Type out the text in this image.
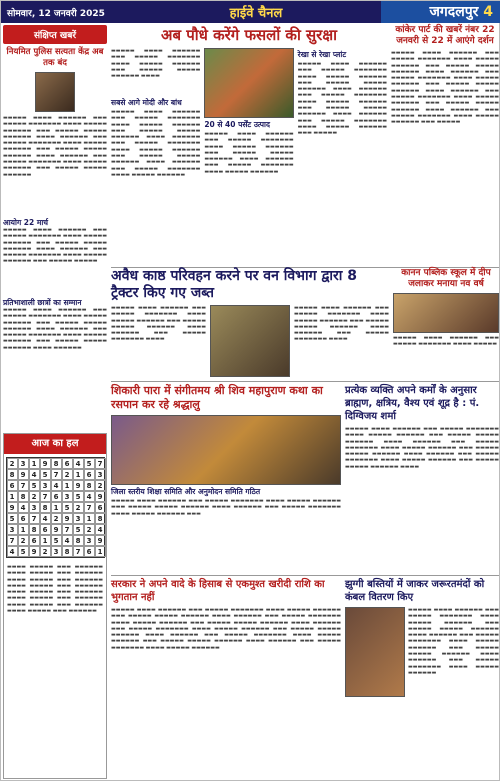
सोमवार, 12 जनवरी 2025	हाईवे चैनल	जगदलपुर 4
संक्षिप्त खबरें
नियमित पुलिस सत्यता केंद्र अब तक बंद
▬▬▬▬▬ ▬▬▬▬ ▬▬▬▬▬▬ ▬▬▬ ▬▬▬▬▬ ▬▬▬▬▬▬▬ ▬▬▬▬ ▬▬▬▬▬ ▬▬▬▬▬▬ ▬▬▬ ▬▬▬▬▬ ▬▬▬▬▬ ▬▬▬▬▬▬ ▬▬▬▬ ▬▬▬▬▬▬ ▬▬▬ ▬▬▬▬▬ ▬▬▬▬▬▬▬ ▬▬▬▬ ▬▬▬▬▬ ▬▬▬▬▬▬ ▬▬▬ ▬▬▬▬▬ ▬▬▬▬▬ ▬▬▬▬▬▬ ▬▬▬▬ ▬▬▬▬▬▬ ▬▬▬ ▬▬▬▬▬ ▬▬▬▬▬▬▬ ▬▬▬▬ ▬▬▬▬▬ ▬▬▬▬▬▬ ▬▬▬ ▬▬▬▬▬ ▬▬▬▬▬ ▬▬▬▬▬▬
आयोग 22 मार्च
▬▬▬▬▬ ▬▬▬▬ ▬▬▬▬▬▬ ▬▬▬ ▬▬▬▬▬ ▬▬▬▬▬▬▬ ▬▬▬▬ ▬▬▬▬▬ ▬▬▬▬▬▬ ▬▬▬ ▬▬▬▬▬ ▬▬▬▬▬ ▬▬▬▬▬▬ ▬▬▬▬ ▬▬▬▬▬▬ ▬▬▬ ▬▬▬▬▬ ▬▬▬▬▬▬▬ ▬▬▬▬ ▬▬▬▬▬ ▬▬▬▬▬▬ ▬▬▬ ▬▬▬▬▬ ▬▬▬▬▬
प्रतिभाशाली छात्रों का सम्मान
▬▬▬▬▬ ▬▬▬▬ ▬▬▬▬▬▬ ▬▬▬ ▬▬▬▬▬ ▬▬▬▬▬▬▬ ▬▬▬▬ ▬▬▬▬▬ ▬▬▬▬▬▬ ▬▬▬ ▬▬▬▬▬ ▬▬▬▬▬ ▬▬▬▬▬▬ ▬▬▬▬ ▬▬▬▬▬▬ ▬▬▬ ▬▬▬▬▬ ▬▬▬▬▬▬▬ ▬▬▬▬ ▬▬▬▬▬ ▬▬▬▬▬▬ ▬▬▬ ▬▬▬▬▬ ▬▬▬▬▬ ▬▬▬▬▬▬ ▬▬▬▬ ▬▬▬▬▬▬
आज का हल
2 3 1 9 8 6 4 5 7
8 9 4 5 7 2 1 6 3
6 7 5 3 4 1 9 8 2
1 8 2 7 6 3 5 4 9
9 4 3 8 1 5 2 7 6
5 6 7 4 2 9 3 1 8
3 1 8 6 9 7 5 2 4
7 2 6 1 5 4 8 3 9
4 5 9 2 3 8 7 6 1
▬▬▬▬ ▬▬▬▬▬ ▬▬▬ ▬▬▬▬▬▬ ▬▬▬▬ ▬▬▬▬▬ ▬▬▬ ▬▬▬▬▬▬ ▬▬▬▬ ▬▬▬▬▬ ▬▬▬ ▬▬▬▬▬▬ ▬▬▬▬ ▬▬▬▬▬ ▬▬▬ ▬▬▬▬▬▬ ▬▬▬▬ ▬▬▬▬▬ ▬▬▬ ▬▬▬▬▬▬ ▬▬▬▬ ▬▬▬▬▬ ▬▬▬ ▬▬▬▬▬▬ ▬▬▬▬ ▬▬▬▬▬ ▬▬▬ ▬▬▬▬▬▬ ▬▬▬▬ ▬▬▬▬▬ ▬▬▬ ▬▬▬▬▬▬
अब पौधे करेंगे फसलों की सुरक्षा
▬▬▬▬▬ ▬▬▬▬ ▬▬▬▬▬▬ ▬▬▬ ▬▬▬▬▬ ▬▬▬▬▬▬▬ ▬▬▬▬ ▬▬▬▬▬ ▬▬▬▬▬▬ ▬▬▬ ▬▬▬▬▬ ▬▬▬▬▬ ▬▬▬▬▬▬ ▬▬▬▬
सबसे आगे मोदी और बांध
▬▬▬▬▬ ▬▬▬▬ ▬▬▬▬▬▬ ▬▬▬ ▬▬▬▬▬ ▬▬▬▬▬▬▬ ▬▬▬▬ ▬▬▬▬▬ ▬▬▬▬▬▬ ▬▬▬ ▬▬▬▬▬ ▬▬▬▬▬ ▬▬▬▬▬▬ ▬▬▬▬ ▬▬▬▬▬▬ ▬▬▬ ▬▬▬▬▬ ▬▬▬▬▬▬▬ ▬▬▬▬ ▬▬▬▬▬ ▬▬▬▬▬▬ ▬▬▬ ▬▬▬▬▬ ▬▬▬▬▬ ▬▬▬▬▬▬ ▬▬▬▬ ▬▬▬▬▬▬ ▬▬▬ ▬▬▬▬▬ ▬▬▬▬▬▬▬ ▬▬▬▬ ▬▬▬▬▬ ▬▬▬▬▬▬
20 से 40 पर्सेंट उत्पाद
▬▬▬▬▬ ▬▬▬▬ ▬▬▬▬▬▬ ▬▬▬ ▬▬▬▬▬ ▬▬▬▬▬▬▬ ▬▬▬▬ ▬▬▬▬▬ ▬▬▬▬▬▬ ▬▬▬ ▬▬▬▬▬ ▬▬▬▬▬ ▬▬▬▬▬▬ ▬▬▬▬ ▬▬▬▬▬▬ ▬▬▬ ▬▬▬▬▬ ▬▬▬▬▬▬▬ ▬▬▬▬ ▬▬▬▬▬ ▬▬▬▬▬▬
रेखा से रेखा प्लांट
▬▬▬▬▬ ▬▬▬▬ ▬▬▬▬▬▬ ▬▬▬ ▬▬▬▬▬ ▬▬▬▬▬▬▬ ▬▬▬▬ ▬▬▬▬▬ ▬▬▬▬▬▬ ▬▬▬ ▬▬▬▬▬ ▬▬▬▬▬ ▬▬▬▬▬▬ ▬▬▬▬ ▬▬▬▬▬▬ ▬▬▬ ▬▬▬▬▬ ▬▬▬▬▬▬▬ ▬▬▬▬ ▬▬▬▬▬ ▬▬▬▬▬▬ ▬▬▬ ▬▬▬▬▬ ▬▬▬▬▬ ▬▬▬▬▬▬ ▬▬▬▬ ▬▬▬▬▬▬ ▬▬▬ ▬▬▬▬▬ ▬▬▬▬▬▬▬ ▬▬▬▬ ▬▬▬▬▬ ▬▬▬▬▬▬ ▬▬▬ ▬▬▬▬▬
कांकेर पार्ट की खबरें नंबर 22 जनवरी से 22 में आएंगे दर्शन
▬▬▬▬▬ ▬▬▬▬ ▬▬▬▬▬▬ ▬▬▬ ▬▬▬▬▬ ▬▬▬▬▬▬▬ ▬▬▬▬ ▬▬▬▬▬ ▬▬▬▬▬▬ ▬▬▬ ▬▬▬▬▬ ▬▬▬▬▬ ▬▬▬▬▬▬ ▬▬▬▬ ▬▬▬▬▬▬ ▬▬▬ ▬▬▬▬▬ ▬▬▬▬▬▬▬ ▬▬▬▬ ▬▬▬▬▬ ▬▬▬▬▬▬ ▬▬▬ ▬▬▬▬▬ ▬▬▬▬▬ ▬▬▬▬▬▬ ▬▬▬▬ ▬▬▬▬▬▬ ▬▬▬ ▬▬▬▬▬ ▬▬▬▬▬▬▬ ▬▬▬▬ ▬▬▬▬▬ ▬▬▬▬▬▬ ▬▬▬ ▬▬▬▬▬ ▬▬▬▬▬ ▬▬▬▬▬▬ ▬▬▬▬ ▬▬▬▬▬▬ ▬▬▬ ▬▬▬▬▬ ▬▬▬▬▬▬▬ ▬▬▬▬ ▬▬▬▬▬ ▬▬▬▬▬▬ ▬▬▬ ▬▬▬▬▬
अवैध काष्ठ परिवहन करने पर वन विभाग द्वारा 8 ट्रैक्टर किए गए जब्त
▬▬▬▬▬ ▬▬▬▬ ▬▬▬▬▬▬ ▬▬▬ ▬▬▬▬▬ ▬▬▬▬▬▬▬ ▬▬▬▬ ▬▬▬▬▬ ▬▬▬▬▬▬ ▬▬▬ ▬▬▬▬▬ ▬▬▬▬▬ ▬▬▬▬▬▬ ▬▬▬▬ ▬▬▬▬▬▬ ▬▬▬ ▬▬▬▬▬ ▬▬▬▬▬▬▬ ▬▬▬▬
▬▬▬▬▬ ▬▬▬▬ ▬▬▬▬▬▬ ▬▬▬ ▬▬▬▬▬ ▬▬▬▬▬▬▬ ▬▬▬▬ ▬▬▬▬▬ ▬▬▬▬▬▬ ▬▬▬ ▬▬▬▬▬ ▬▬▬▬▬ ▬▬▬▬▬▬ ▬▬▬▬ ▬▬▬▬▬▬ ▬▬▬ ▬▬▬▬▬ ▬▬▬▬▬▬▬ ▬▬▬▬
कानन पब्लिक स्कूल में दीप जलाकर मनाया नव वर्ष
▬▬▬▬▬ ▬▬▬▬ ▬▬▬▬▬▬ ▬▬▬ ▬▬▬▬▬ ▬▬▬▬▬▬▬ ▬▬▬▬ ▬▬▬▬▬
शिकारी पारा में संगीतमय श्री शिव महापुराण कथा का रसपान कर रहे श्रद्धालु
जिला स्तरीय शिक्षा समिति और अनुमोदन समिति गठित
▬▬▬▬▬ ▬▬▬▬ ▬▬▬▬▬▬ ▬▬▬ ▬▬▬▬▬ ▬▬▬▬▬▬▬ ▬▬▬▬ ▬▬▬▬▬ ▬▬▬▬▬▬ ▬▬▬ ▬▬▬▬▬ ▬▬▬▬▬ ▬▬▬▬▬▬ ▬▬▬▬ ▬▬▬▬▬▬ ▬▬▬ ▬▬▬▬▬ ▬▬▬▬▬▬▬ ▬▬▬▬ ▬▬▬▬▬ ▬▬▬▬▬▬ ▬▬▬
प्रत्येक व्यक्ति अपने कर्मों के अनुसार ब्राह्मण, क्षत्रिय, वैश्य एवं शूद्र है : पं. दिग्विजय शर्मा
▬▬▬▬▬ ▬▬▬▬ ▬▬▬▬▬▬ ▬▬▬ ▬▬▬▬▬ ▬▬▬▬▬▬▬ ▬▬▬▬ ▬▬▬▬▬ ▬▬▬▬▬▬ ▬▬▬ ▬▬▬▬▬ ▬▬▬▬▬ ▬▬▬▬▬▬ ▬▬▬▬ ▬▬▬▬▬▬ ▬▬▬ ▬▬▬▬▬ ▬▬▬▬▬▬▬ ▬▬▬▬ ▬▬▬▬▬ ▬▬▬▬▬▬ ▬▬▬ ▬▬▬▬▬ ▬▬▬▬▬ ▬▬▬▬▬▬ ▬▬▬▬ ▬▬▬▬▬▬ ▬▬▬ ▬▬▬▬▬ ▬▬▬▬▬▬▬ ▬▬▬▬ ▬▬▬▬▬ ▬▬▬▬▬▬ ▬▬▬ ▬▬▬▬▬ ▬▬▬▬▬ ▬▬▬▬▬▬ ▬▬▬▬
सरकार ने अपने वादे के हिसाब से एकमुश्त खरीदी राशि का भुगतान नहीं
▬▬▬▬▬ ▬▬▬▬ ▬▬▬▬▬▬ ▬▬▬ ▬▬▬▬▬ ▬▬▬▬▬▬▬ ▬▬▬▬ ▬▬▬▬▬ ▬▬▬▬▬▬ ▬▬▬ ▬▬▬▬▬ ▬▬▬▬▬ ▬▬▬▬▬▬ ▬▬▬▬ ▬▬▬▬▬▬ ▬▬▬ ▬▬▬▬▬ ▬▬▬▬▬▬▬ ▬▬▬▬ ▬▬▬▬▬ ▬▬▬▬▬▬ ▬▬▬ ▬▬▬▬▬ ▬▬▬▬▬ ▬▬▬▬▬▬ ▬▬▬▬ ▬▬▬▬▬▬ ▬▬▬ ▬▬▬▬▬ ▬▬▬▬▬▬▬ ▬▬▬▬ ▬▬▬▬▬ ▬▬▬▬▬▬ ▬▬▬ ▬▬▬▬▬ ▬▬▬▬▬ ▬▬▬▬▬▬ ▬▬▬▬ ▬▬▬▬▬▬ ▬▬▬ ▬▬▬▬▬ ▬▬▬▬▬▬▬ ▬▬▬▬ ▬▬▬▬▬ ▬▬▬▬▬▬ ▬▬▬ ▬▬▬▬▬ ▬▬▬▬▬ ▬▬▬▬▬▬ ▬▬▬▬ ▬▬▬▬▬▬ ▬▬▬ ▬▬▬▬▬ ▬▬▬▬▬▬▬ ▬▬▬▬ ▬▬▬▬▬ ▬▬▬▬▬▬
झुग्गी बस्तियों में जाकर जरूरतमंदों को कंबल वितरण किए
▬▬▬▬▬ ▬▬▬▬ ▬▬▬▬▬▬ ▬▬▬ ▬▬▬▬▬ ▬▬▬▬▬▬▬ ▬▬▬▬ ▬▬▬▬▬ ▬▬▬▬▬▬ ▬▬▬ ▬▬▬▬▬ ▬▬▬▬▬ ▬▬▬▬▬▬ ▬▬▬▬ ▬▬▬▬▬▬ ▬▬▬ ▬▬▬▬▬ ▬▬▬▬▬▬▬ ▬▬▬▬ ▬▬▬▬▬ ▬▬▬▬▬▬ ▬▬▬ ▬▬▬▬▬ ▬▬▬▬▬ ▬▬▬▬▬▬ ▬▬▬▬ ▬▬▬▬▬▬ ▬▬▬ ▬▬▬▬▬ ▬▬▬▬▬▬▬ ▬▬▬▬ ▬▬▬▬▬ ▬▬▬▬▬▬
